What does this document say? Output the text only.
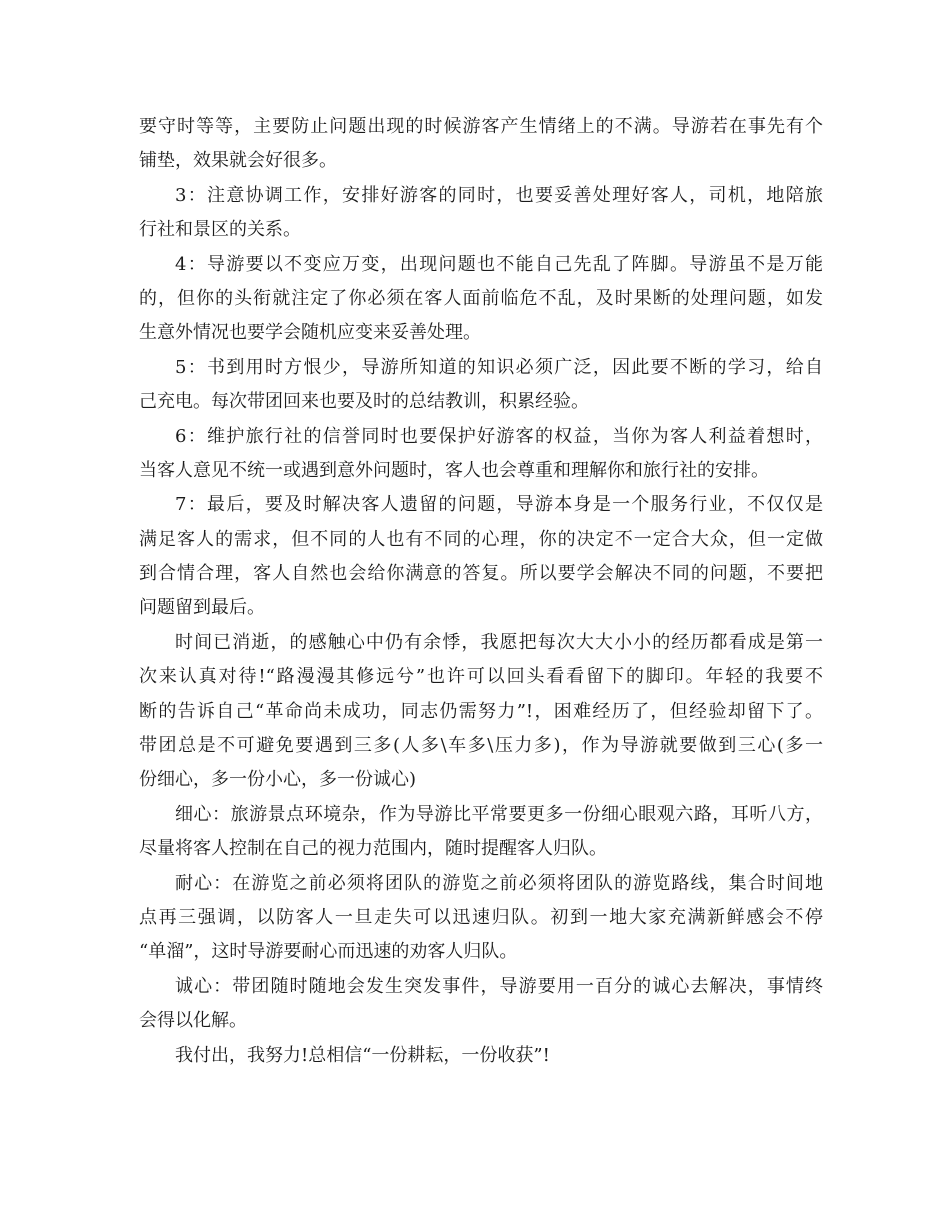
要守时等等，主要防止问题出现的时候游客产生情绪上的不满。导游若在事先有个
铺垫，效果就会好很多。
3：注意协调工作，安排好游客的同时，也要妥善处理好客人，司机，地陪旅
行社和景区的关系。
4：导游要以不变应万变，出现问题也不能自己先乱了阵脚。导游虽不是万能
的，但你的头衔就注定了你必须在客人面前临危不乱，及时果断的处理问题，如发
生意外情况也要学会随机应变来妥善处理。
5：书到用时方恨少，导游所知道的知识必须广泛，因此要不断的学习，给自
己充电。每次带团回来也要及时的总结教训，积累经验。
6：维护旅行社的信誉同时也要保护好游客的权益，当你为客人利益着想时，
当客人意见不统一或遇到意外问题时，客人也会尊重和理解你和旅行社的安排。
7：最后，要及时解决客人遗留的问题，导游本身是一个服务行业，不仅仅是
满足客人的需求，但不同的人也有不同的心理，你的决定不一定合大众，但一定做
到合情合理，客人自然也会给你满意的答复。所以要学会解决不同的问题，不要把
问题留到最后。
时间已消逝，的感触心中仍有余悸，我愿把每次大大小小的经历都看成是第一
次来认真对待!“路漫漫其修远兮”也许可以回头看看留下的脚印。年轻的我要不
断的告诉自己“革命尚未成功，同志仍需努力”!，困难经历了，但经验却留下了。
带团总是不可避免要遇到三多(人多\车多\压力多)，作为导游就要做到三心(多一
份细心，多一份小心，多一份诚心)
细心：旅游景点环境杂，作为导游比平常要更多一份细心眼观六路，耳听八方，
尽量将客人控制在自己的视力范围内，随时提醒客人归队。
耐心：在游览之前必须将团队的游览之前必须将团队的游览路线，集合时间地
点再三强调，以防客人一旦走失可以迅速归队。初到一地大家充满新鲜感会不停
“单溜”，这时导游要耐心而迅速的劝客人归队。
诚心：带团随时随地会发生突发事件，导游要用一百分的诚心去解决，事情终
会得以化解。
我付出，我努力!总相信“一份耕耘，一份收获”!
